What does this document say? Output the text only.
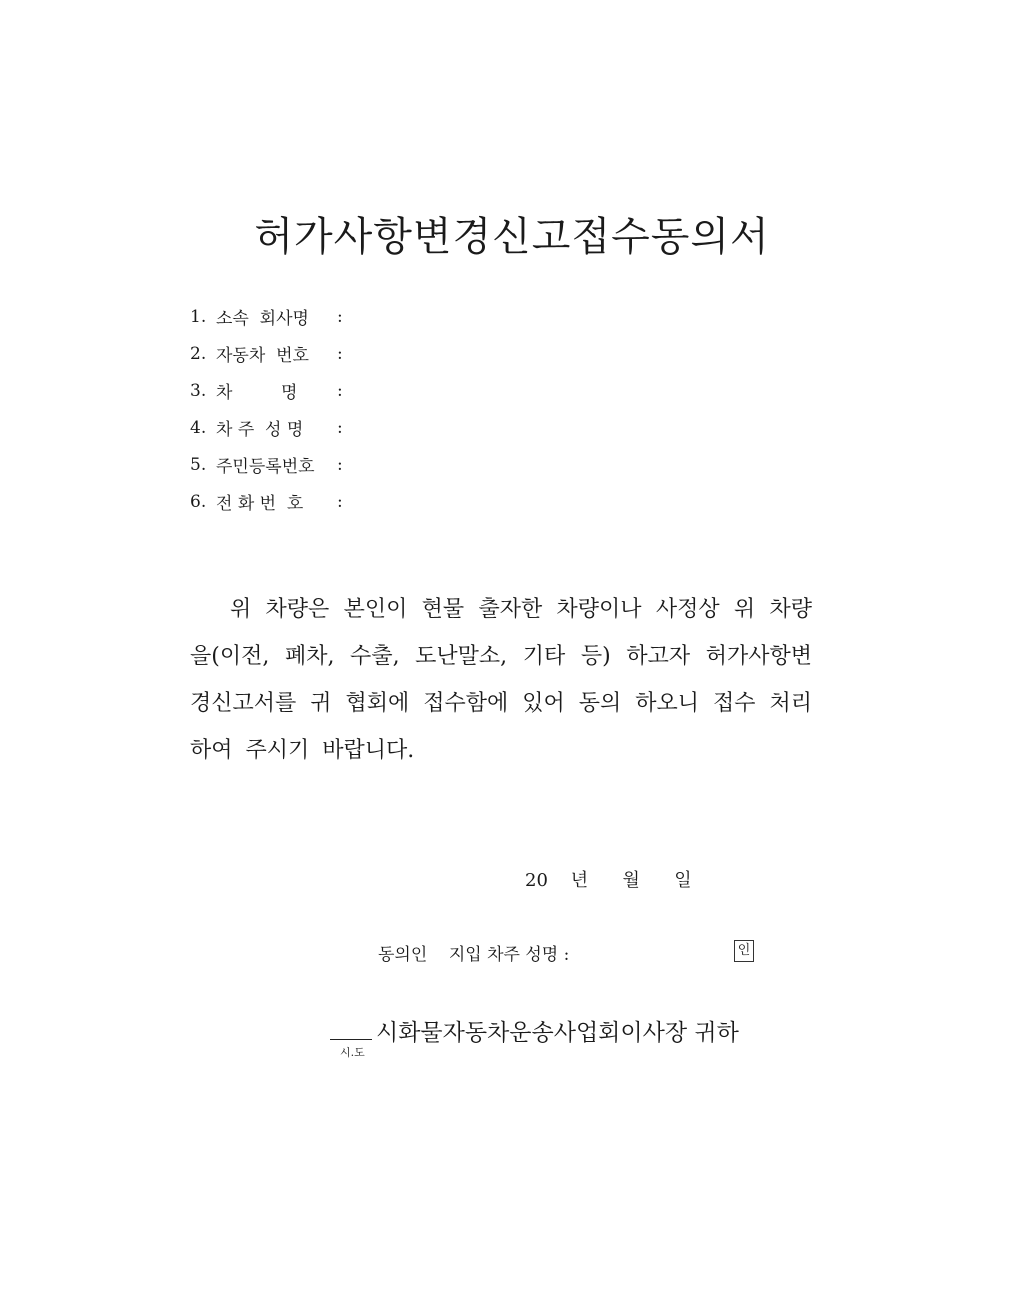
허가사항변경신고접수동의서
1. 소속  회사명	:
2. 자동차  번호	:
3. 차         명	:
4. 차 주  성 명	:
5. 주민등록번호	:
6. 전 화 번  호	:

위 차량은 본인이 현물 출자한 차량이나 사정상 위 차량을(이전, 폐차, 수출, 도난말소, 기타 등) 하고자 허가사항변경신고서를 귀 협회에 접수함에 있어 동의 하오니 접수 처리하여 주시기 바랍니다.

20    년      월      일
동의인    지입 차주 성명 :	인
시.도
시화물자동차운송사업회이사장 귀하
